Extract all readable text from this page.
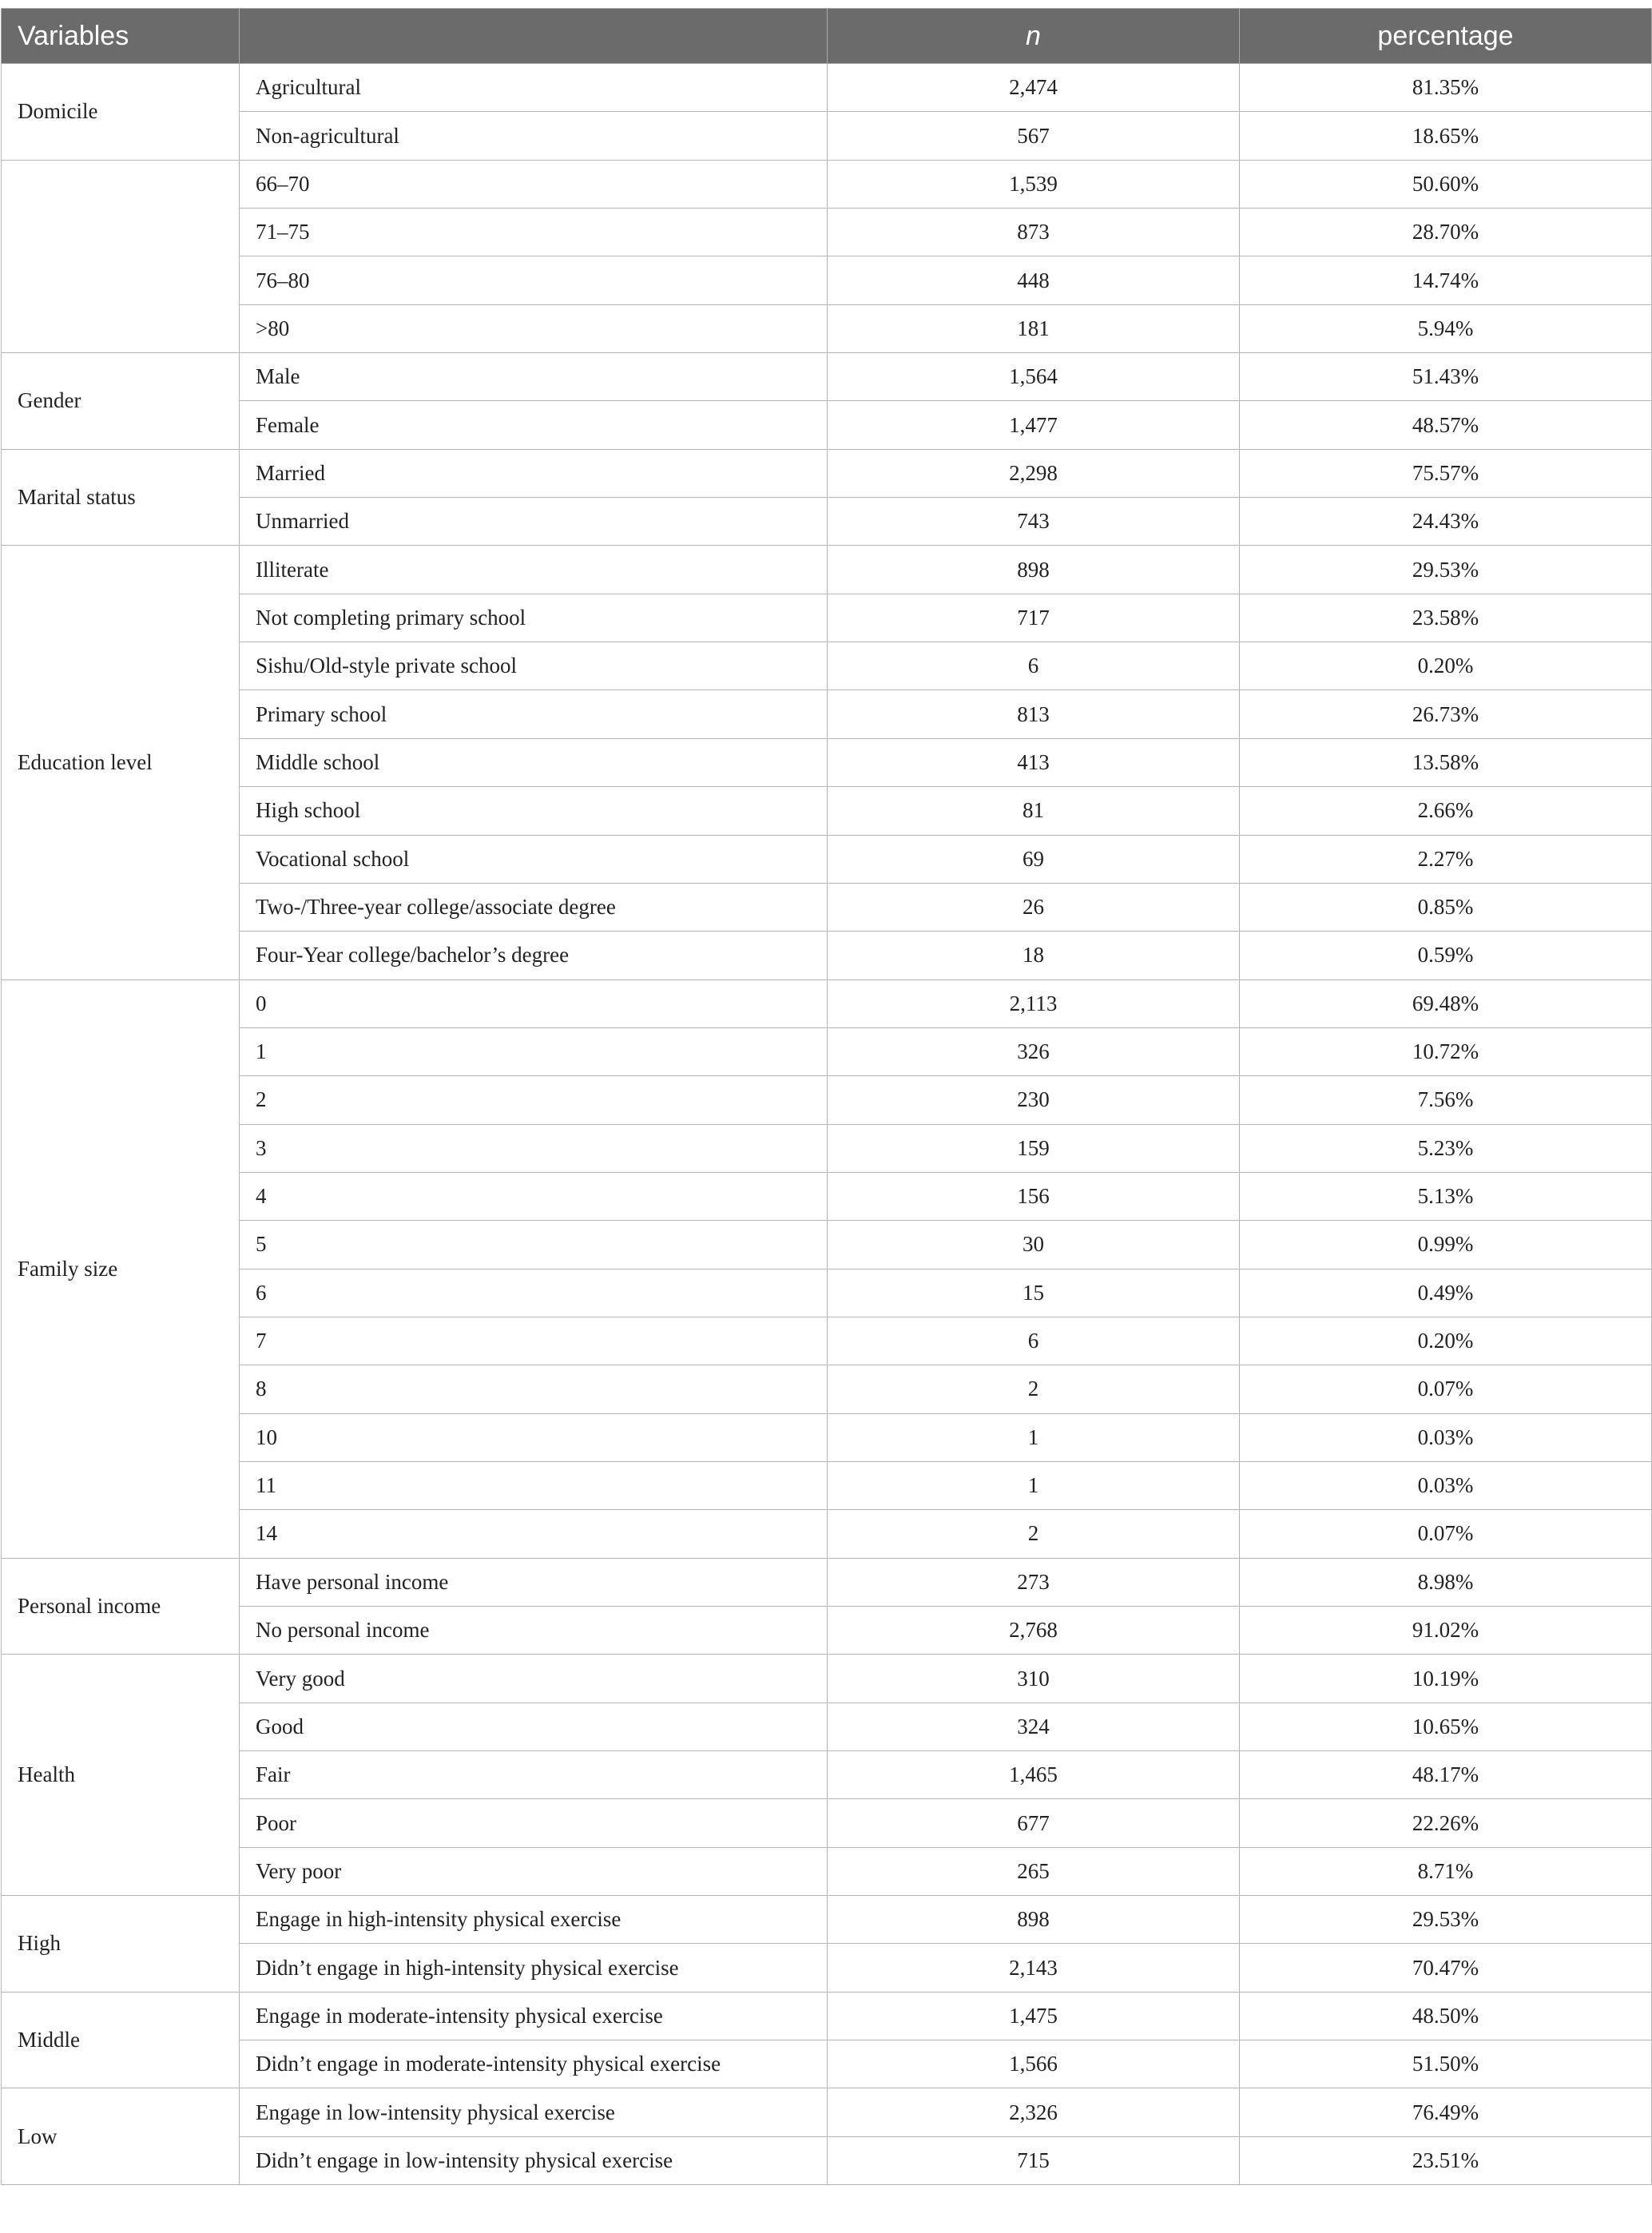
Variables		n	percentage
Domicile	Agricultural	2,474	81.35%
	Non-agricultural	567	18.65%
	66–70	1,539	50.60%
	71–75	873	28.70%
	76–80	448	14.74%
	>80	181	5.94%
Gender	Male	1,564	51.43%
	Female	1,477	48.57%
Marital status	Married	2,298	75.57%
	Unmarried	743	24.43%
Education level	Illiterate	898	29.53%
	Not completing primary school	717	23.58%
	Sishu/Old-style private school	6	0.20%
	Primary school	813	26.73%
	Middle school	413	13.58%
	High school	81	2.66%
	Vocational school	69	2.27%
	Two-/Three-year college/associate degree	26	0.85%
	Four-Year college/bachelor’s degree	18	0.59%
Family size	0	2,113	69.48%
	1	326	10.72%
	2	230	7.56%
	3	159	5.23%
	4	156	5.13%
	5	30	0.99%
	6	15	0.49%
	7	6	0.20%
	8	2	0.07%
	10	1	0.03%
	11	1	0.03%
	14	2	0.07%
Personal income	Have personal income	273	8.98%
	No personal income	2,768	91.02%
Health	Very good	310	10.19%
	Good	324	10.65%
	Fair	1,465	48.17%
	Poor	677	22.26%
	Very poor	265	8.71%
High	Engage in high-intensity physical exercise	898	29.53%
	Didn’t engage in high-intensity physical exercise	2,143	70.47%
Middle	Engage in moderate-intensity physical exercise	1,475	48.50%
	Didn’t engage in moderate-intensity physical exercise	1,566	51.50%
Low	Engage in low-intensity physical exercise	2,326	76.49%
	Didn’t engage in low-intensity physical exercise	715	23.51%
